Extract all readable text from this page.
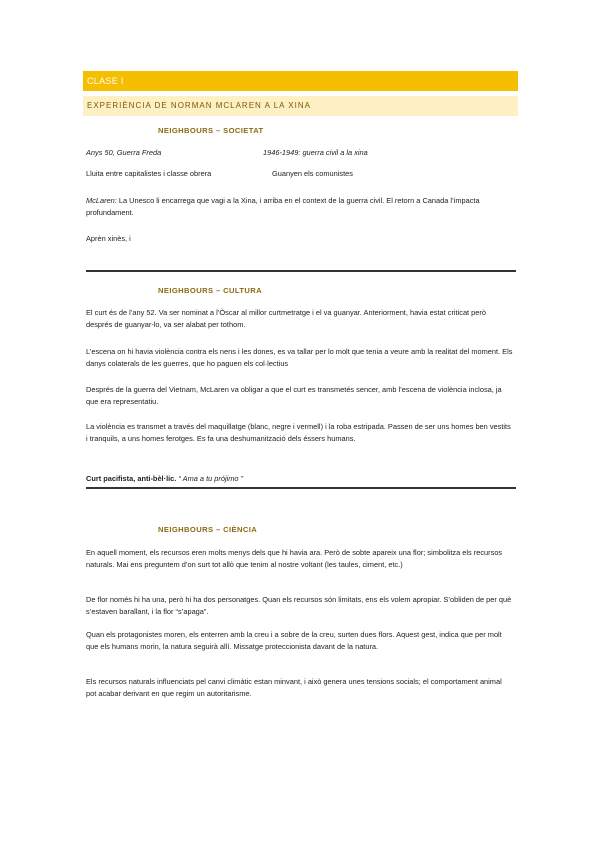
CLASE I
EXPERIÈNCIA DE NORMAN MCLAREN A LA XINA
NEIGHBOURS – SOCIETAT
Anys 50, Guerra Freda	1946-1949: guerra civil a la xina
Lluita entre capitalistes i classe obrera	Guanyen els comunistes
McLaren: La Unesco li encarrega que vagi a la Xina, i arriba en el context de la guerra civil. El retorn a Canada l’impacta profundament.
Aprèn xinès, i
NEIGHBOURS – CULTURA
El curt és de l’any 52. Va ser nominat a l’Òscar al millor curtmetratge i el va guanyar. Anteriorment, havia estat criticat però després de guanyar-lo, va ser alabat per tothom.
L’escena on hi havia violència contra els nens i les dones, es va tallar per lo molt que tenia a veure amb la realitat del moment. Els danys colaterals de les guerres, que ho paguen els col·lectius
Després de la guerra del Vietnam, McLaren va obligar a que el curt es transmetés sencer, amb l’escena de violència inclosa, ja que era representatiu.
La violència es transmet a través del maquillatge (blanc, negre i vermell) i la roba estripada. Passen de ser uns homes ben vestits i tranquils, a uns homes ferotges. Es fa una deshumanització dels éssers humans.
Curt pacifista, anti-bèl·lic. “ Ama a tu prójimo ”
NEIGHBOURS – CIÈNCIA
En aquell moment, els recursos eren molts menys dels que hi havia ara. Però de sobte apareix una flor; simbolitza els recursos naturals. Mai ens preguntem d’on surt tot allò que tenim al nostre voltant (les taules, ciment, etc.)
De flor només hi ha una, però hi ha dos personatges. Quan els recursos són limitats, ens els volem apropiar. S’obliden de per què s’estaven barallant, i la flor “s’apaga”.
Quan els protagonistes moren, els enterren amb la creu i a sobre de la creu, surten dues flors. Aquest gest, indica que per molt que els humans morin, la natura seguirà allí. Missatge proteccionista davant de la natura.
Els recursos naturals influenciats pel canvi climàtic estan minvant, i això genera unes tensions socials; el comportament animal pot acabar derivant en que regim un autoritarisme.
